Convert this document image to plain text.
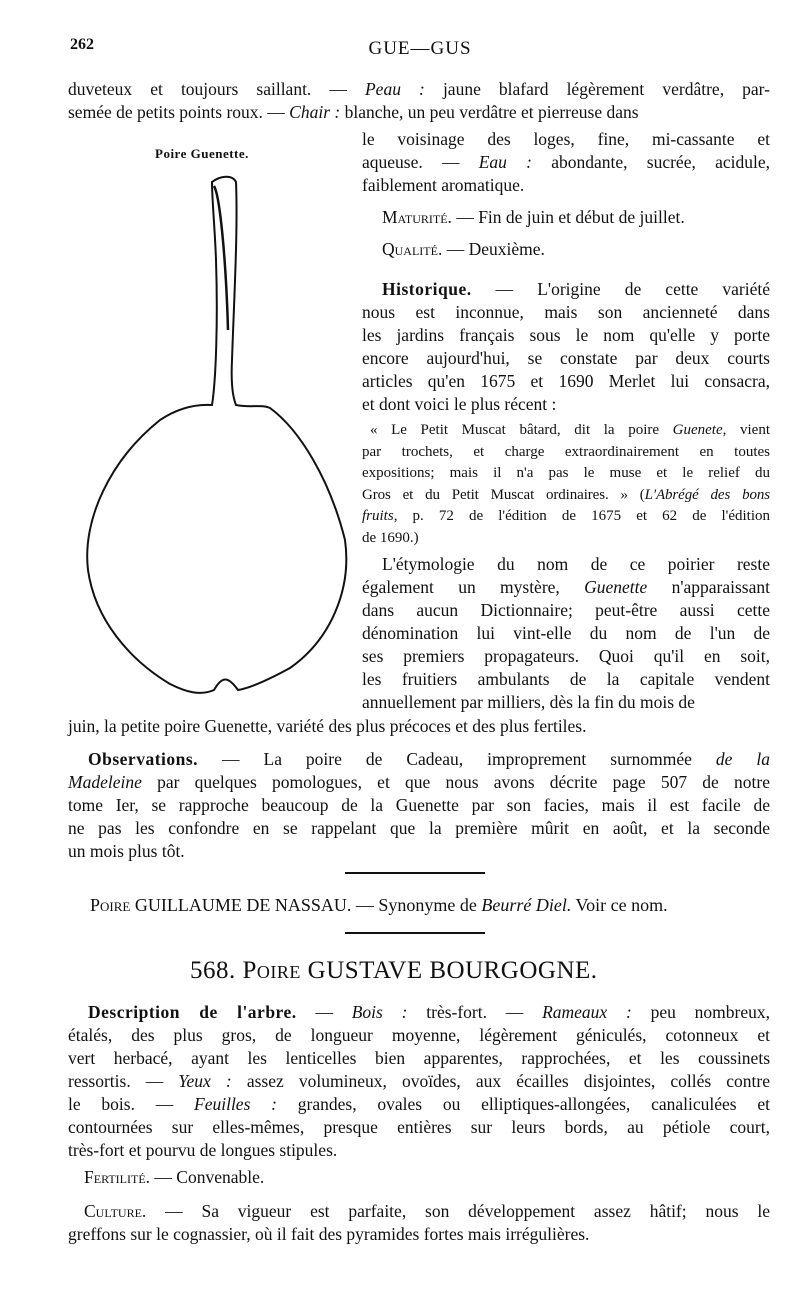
262	GUE—GUS
Poire Guenette.
duveteux et toujours saillant. — Peau : jaune blafard légèrement verdâtre, par-
semée de petits points roux. — Chair : blanche, un peu verdâtre et pierreuse dans
le voisinage des loges, fine, mi-cassante et
aqueuse. — Eau : abondante, sucrée, acidule,
faiblement aromatique.
Maturité. — Fin de juin et début de juillet.
Qualité. — Deuxième.
Historique. — L'origine de cette variété
nous est inconnue, mais son ancienneté dans
les jardins français sous le nom qu'elle y porte
encore aujourd'hui, se constate par deux courts
articles qu'en 1675 et 1690 Merlet lui consacra,
et dont voici le plus récent :
« Le Petit Muscat bâtard, dit la poire Guenete, vient
par trochets, et charge extraordinairement en toutes
expositions; mais il n'a pas le muse et le relief du
Gros et du Petit Muscat ordinaires. » (L'Abrégé des bons
fruits, p. 72 de l'édition de 1675 et 62 de l'édition
de 1690.)
L'étymologie du nom de ce poirier reste
également un mystère, Guenette n'apparaissant
dans aucun Dictionnaire; peut-être aussi cette
dénomination lui vint-elle du nom de l'un de
ses premiers propagateurs. Quoi qu'il en soit,
les fruitiers ambulants de la capitale vendent
annuellement par milliers, dès la fin du mois de
juin, la petite poire Guenette, variété des plus précoces et des plus fertiles.
Observations. — La poire de Cadeau, improprement surnommée de la
Madeleine par quelques pomologues, et que nous avons décrite page 507 de notre
tome Ier, se rapproche beaucoup de la Guenette par son facies, mais il est facile de
ne pas les confondre en se rappelant que la première mûrit en août, et la seconde
un mois plus tôt.
Poire GUILLAUME DE NASSAU. — Synonyme de Beurré Diel. Voir ce nom.
568. Poire GUSTAVE BOURGOGNE.
Description de l'arbre. — Bois : très-fort. — Rameaux : peu nombreux,
étalés, des plus gros, de longueur moyenne, légèrement géniculés, cotonneux et
vert herbacé, ayant les lenticelles bien apparentes, rapprochées, et les coussinets
ressortis. — Yeux : assez volumineux, ovoïdes, aux écailles disjointes, collés contre
le bois. — Feuilles : grandes, ovales ou elliptiques-allongées, canaliculées et
contournées sur elles-mêmes, presque entières sur leurs bords, au pétiole court,
très-fort et pourvu de longues stipules.
Fertilité. — Convenable.
Culture. — Sa vigueur est parfaite, son développement assez hâtif; nous le
greffons sur le cognassier, où il fait des pyramides fortes mais irrégulières.
